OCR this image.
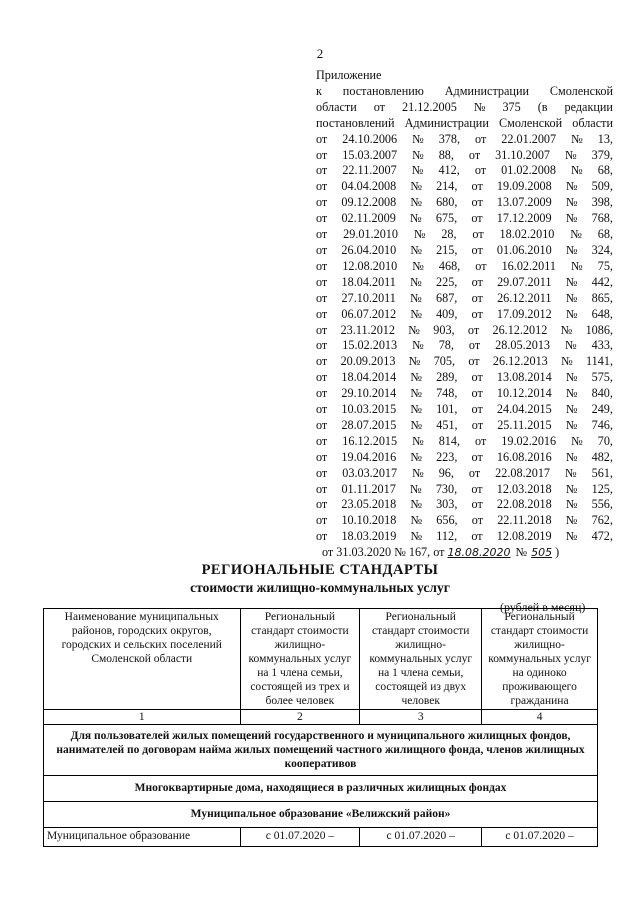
2
Приложение
к постановлению Администрации Смоленской
области от 21.12.2005 № 375 (в редакции
постановлений Администрации Смоленской области
от 24.10.2006 № 378, от 22.01.2007 № 13,
от 15.03.2007 № 88, от 31.10.2007 № 379,
от 22.11.2007 № 412, от 01.02.2008 № 68,
от 04.04.2008 № 214, от 19.09.2008 № 509,
от 09.12.2008 № 680, от 13.07.2009 № 398,
от 02.11.2009 № 675, от 17.12.2009 № 768,
от 29.01.2010 № 28, от 18.02.2010 № 68,
от 26.04.2010 № 215, от 01.06.2010 № 324,
от 12.08.2010 № 468, от 16.02.2011 № 75,
от 18.04.2011 № 225, от 29.07.2011 № 442,
от 27.10.2011 № 687, от 26.12.2011 № 865,
от 06.07.2012 № 409, от 17.09.2012 № 648,
от 23.11.2012 № 903, от 26.12.2012 № 1086,
от 15.02.2013 № 78, от 28.05.2013 № 433,
от 20.09.2013 № 705, от 26.12.2013 № 1141,
от 18.04.2014 № 289, от 13.08.2014 № 575,
от 29.10.2014 № 748, от 10.12.2014 № 840,
от 10.03.2015 № 101, от 24.04.2015 № 249,
от 28.07.2015 № 451, от 25.11.2015 № 746,
от 16.12.2015 № 814, от 19.02.2016 № 70,
от 19.04.2016 № 223, от 16.08.2016 № 482,
от 03.03.2017 № 96, от 22.08.2017 № 561,
от 01.11.2017 № 730, от 12.03.2018 № 125,
от 23.05.2018 № 303, от 22.08.2018 № 556,
от 10.10.2018 № 656, от 22.11.2018 № 762,
от 18.03.2019 № 112, от 12.08.2019 № 472,
от 31.03.2020 № 167, от 18.08.2020 № 505 )
РЕГИОНАЛЬНЫЕ СТАНДАРТЫ
стоимости жилищно-коммунальных услуг
(рублей в месяц)
Наименование муниципальных районов, городских округов, городских и сельских поселений Смоленской области	Региональный стандарт стоимости жилищно-коммунальных услуг на 1 члена семьи, состоящей из трех и более человек	Региональный стандарт стоимости жилищно-коммунальных услуг на 1 члена семьи, состоящей из двух человек	Региональный стандарт стоимости жилищно-коммунальных услуг на одиноко проживающего гражданина
1	2	3	4
Для пользователей жилых помещений государственного и муниципального жилищных фондов, нанимателей по договорам найма жилых помещений частного жилищного фонда, членов жилищных кооперативов			
Многоквартирные дома, находящиеся в различных жилищных фондах			
Муниципальное образование «Велижский район»			
Муниципальное образование	с 01.07.2020 –	с 01.07.2020 –	с 01.07.2020 –
